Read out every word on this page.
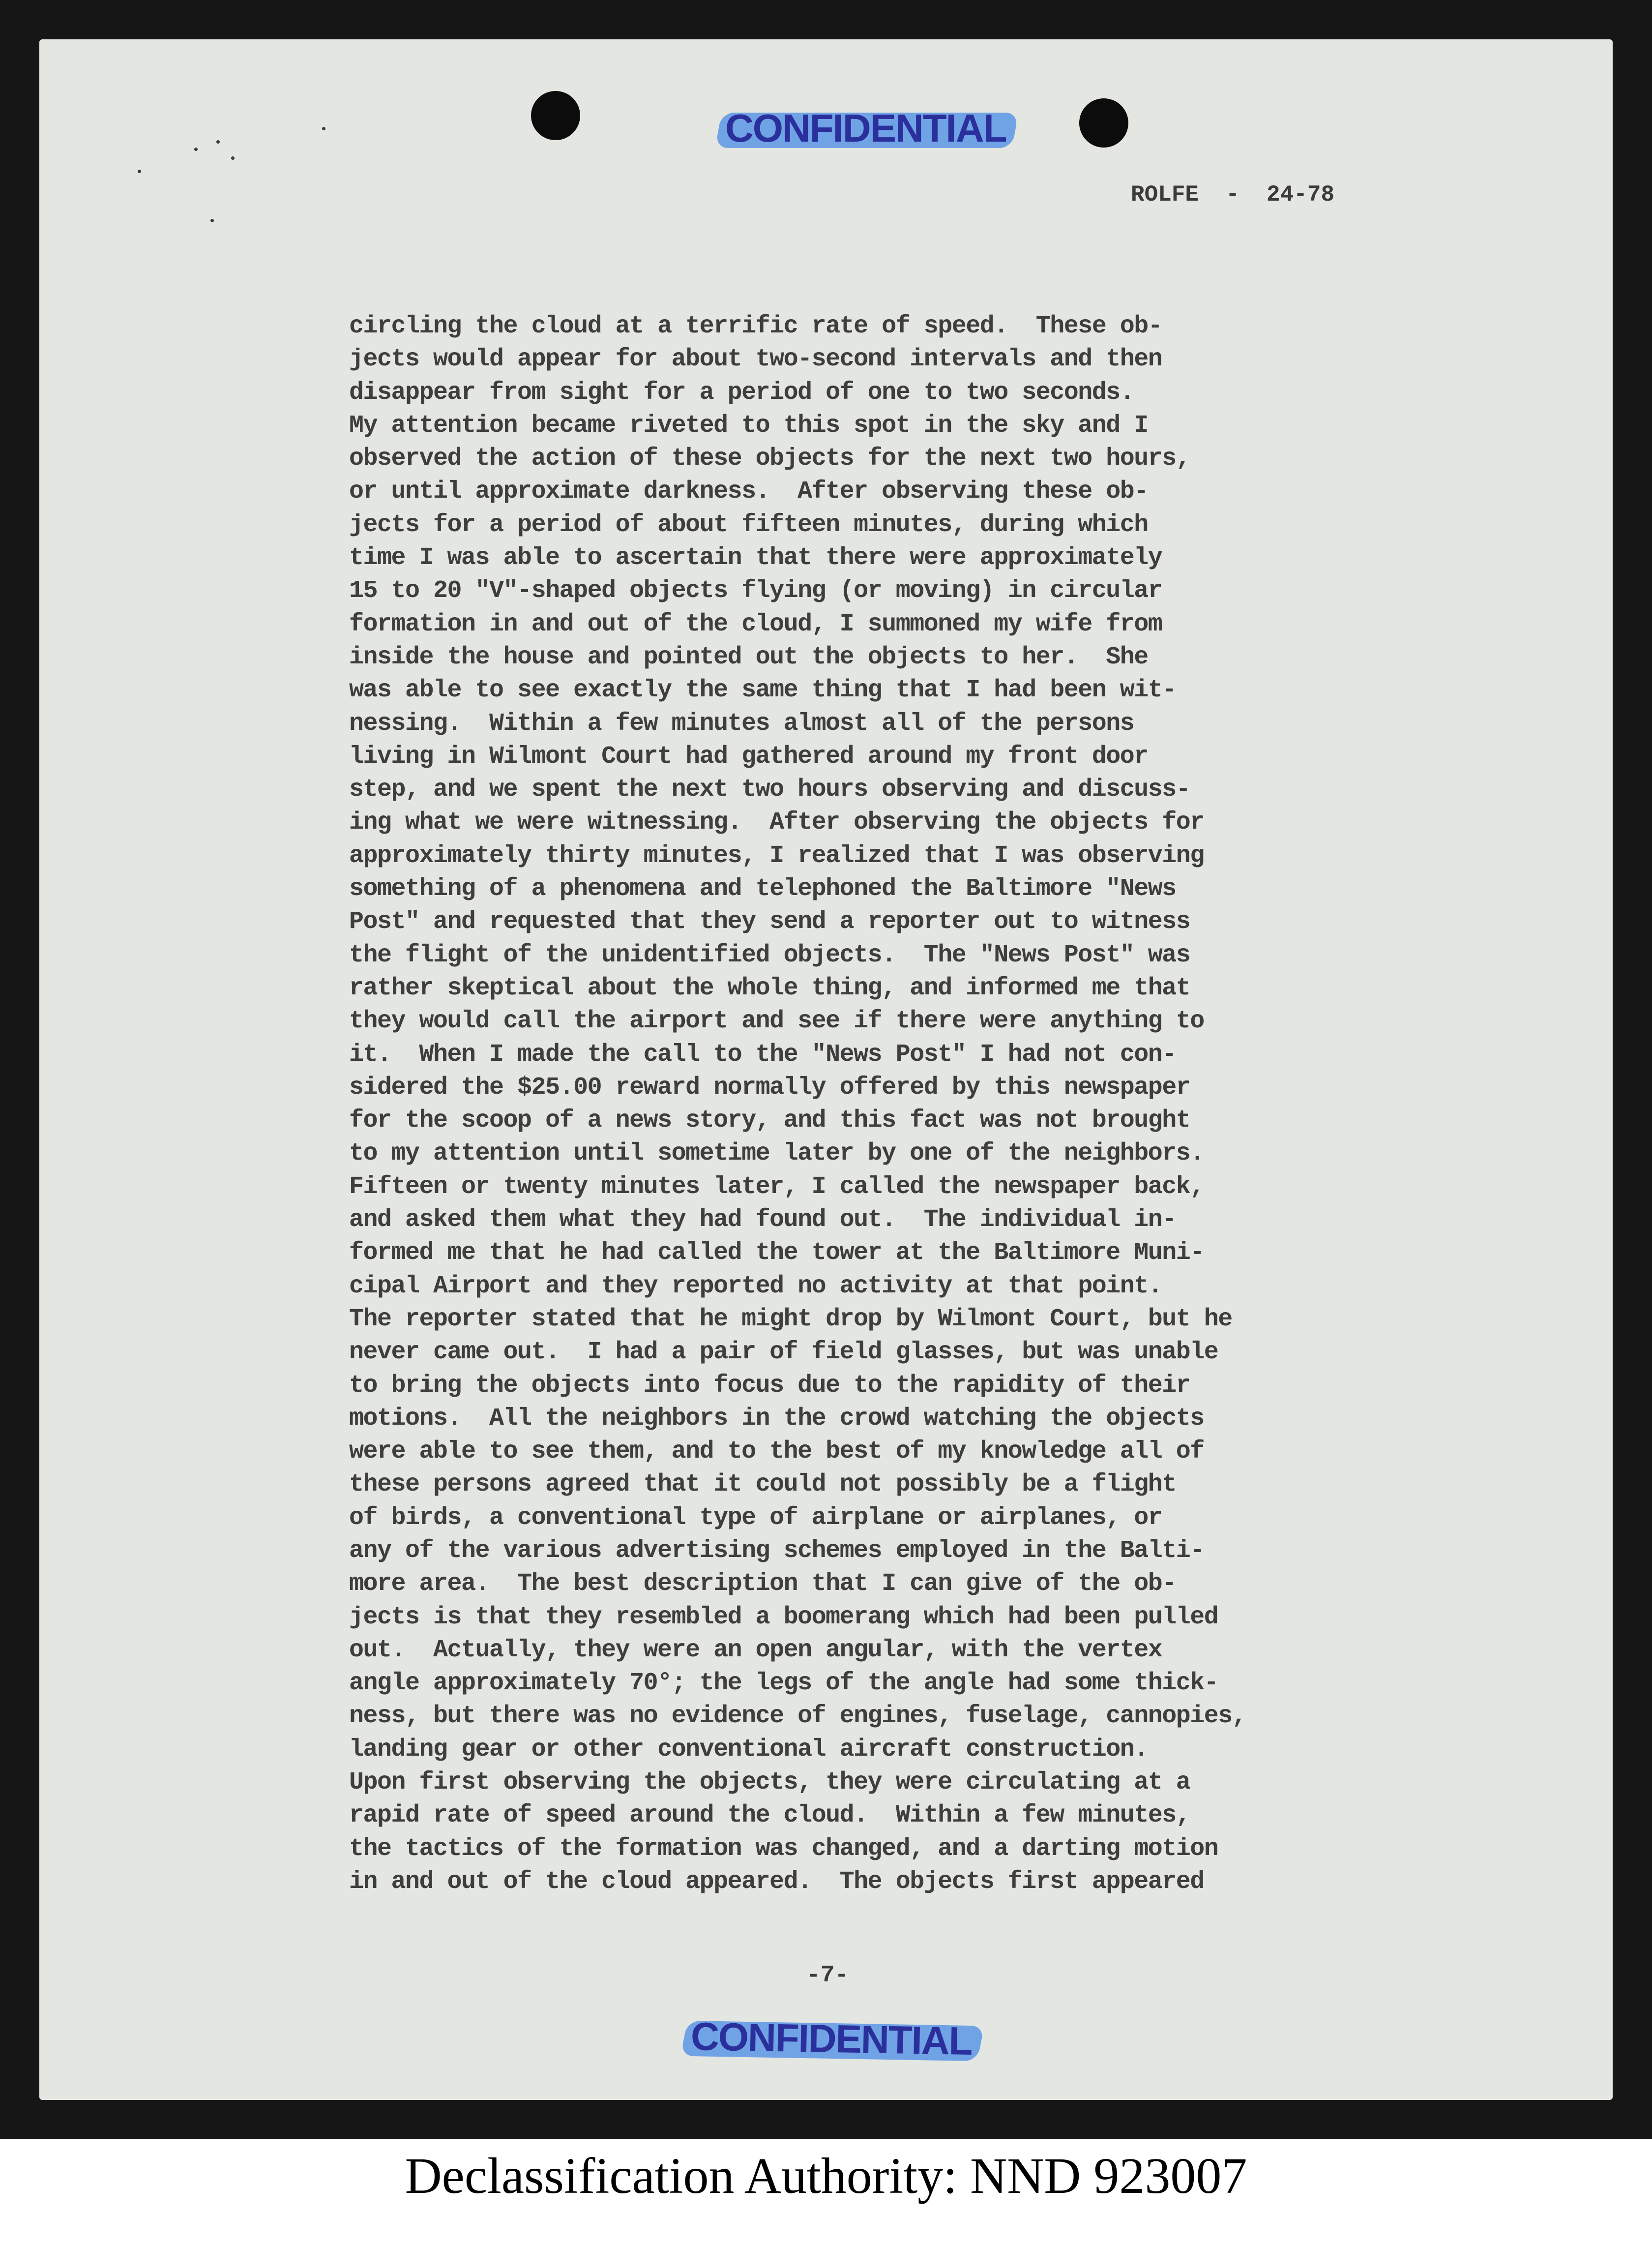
CONFIDENTIAL
ROLFE  -  24-78
circling the cloud at a terrific rate of speed.  These ob-
jects would appear for about two-second intervals and then
disappear from sight for a period of one to two seconds.
My attention became riveted to this spot in the sky and I
observed the action of these objects for the next two hours,
or until approximate darkness.  After observing these ob-
jects for a period of about fifteen minutes, during which
time I was able to ascertain that there were approximately
15 to 20 "V"-shaped objects flying (or moving) in circular
formation in and out of the cloud, I summoned my wife from
inside the house and pointed out the objects to her.  She
was able to see exactly the same thing that I had been wit-
nessing.  Within a few minutes almost all of the persons
living in Wilmont Court had gathered around my front door
step, and we spent the next two hours observing and discuss-
ing what we were witnessing.  After observing the objects for
approximately thirty minutes, I realized that I was observing
something of a phenomena and telephoned the Baltimore "News
Post" and requested that they send a reporter out to witness
the flight of the unidentified objects.  The "News Post" was
rather skeptical about the whole thing, and informed me that
they would call the airport and see if there were anything to
it.  When I made the call to the "News Post" I had not con-
sidered the $25.00 reward normally offered by this newspaper
for the scoop of a news story, and this fact was not brought
to my attention until sometime later by one of the neighbors.
Fifteen or twenty minutes later, I called the newspaper back,
and asked them what they had found out.  The individual in-
formed me that he had called the tower at the Baltimore Muni-
cipal Airport and they reported no activity at that point.
The reporter stated that he might drop by Wilmont Court, but he
never came out.  I had a pair of field glasses, but was unable
to bring the objects into focus due to the rapidity of their
motions.  All the neighbors in the crowd watching the objects
were able to see them, and to the best of my knowledge all of
these persons agreed that it could not possibly be a flight
of birds, a conventional type of airplane or airplanes, or
any of the various advertising schemes employed in the Balti-
more area.  The best description that I can give of the ob-
jects is that they resembled a boomerang which had been pulled
out.  Actually, they were an open angular, with the vertex
angle approximately 70°; the legs of the angle had some thick-
ness, but there was no evidence of engines, fuselage, cannopies,
landing gear or other conventional aircraft construction.
Upon first observing the objects, they were circulating at a
rapid rate of speed around the cloud.  Within a few minutes,
the tactics of the formation was changed, and a darting motion
in and out of the cloud appeared.  The objects first appeared
-7-
CONFIDENTIAL
Declassification Authority: NND 923007
